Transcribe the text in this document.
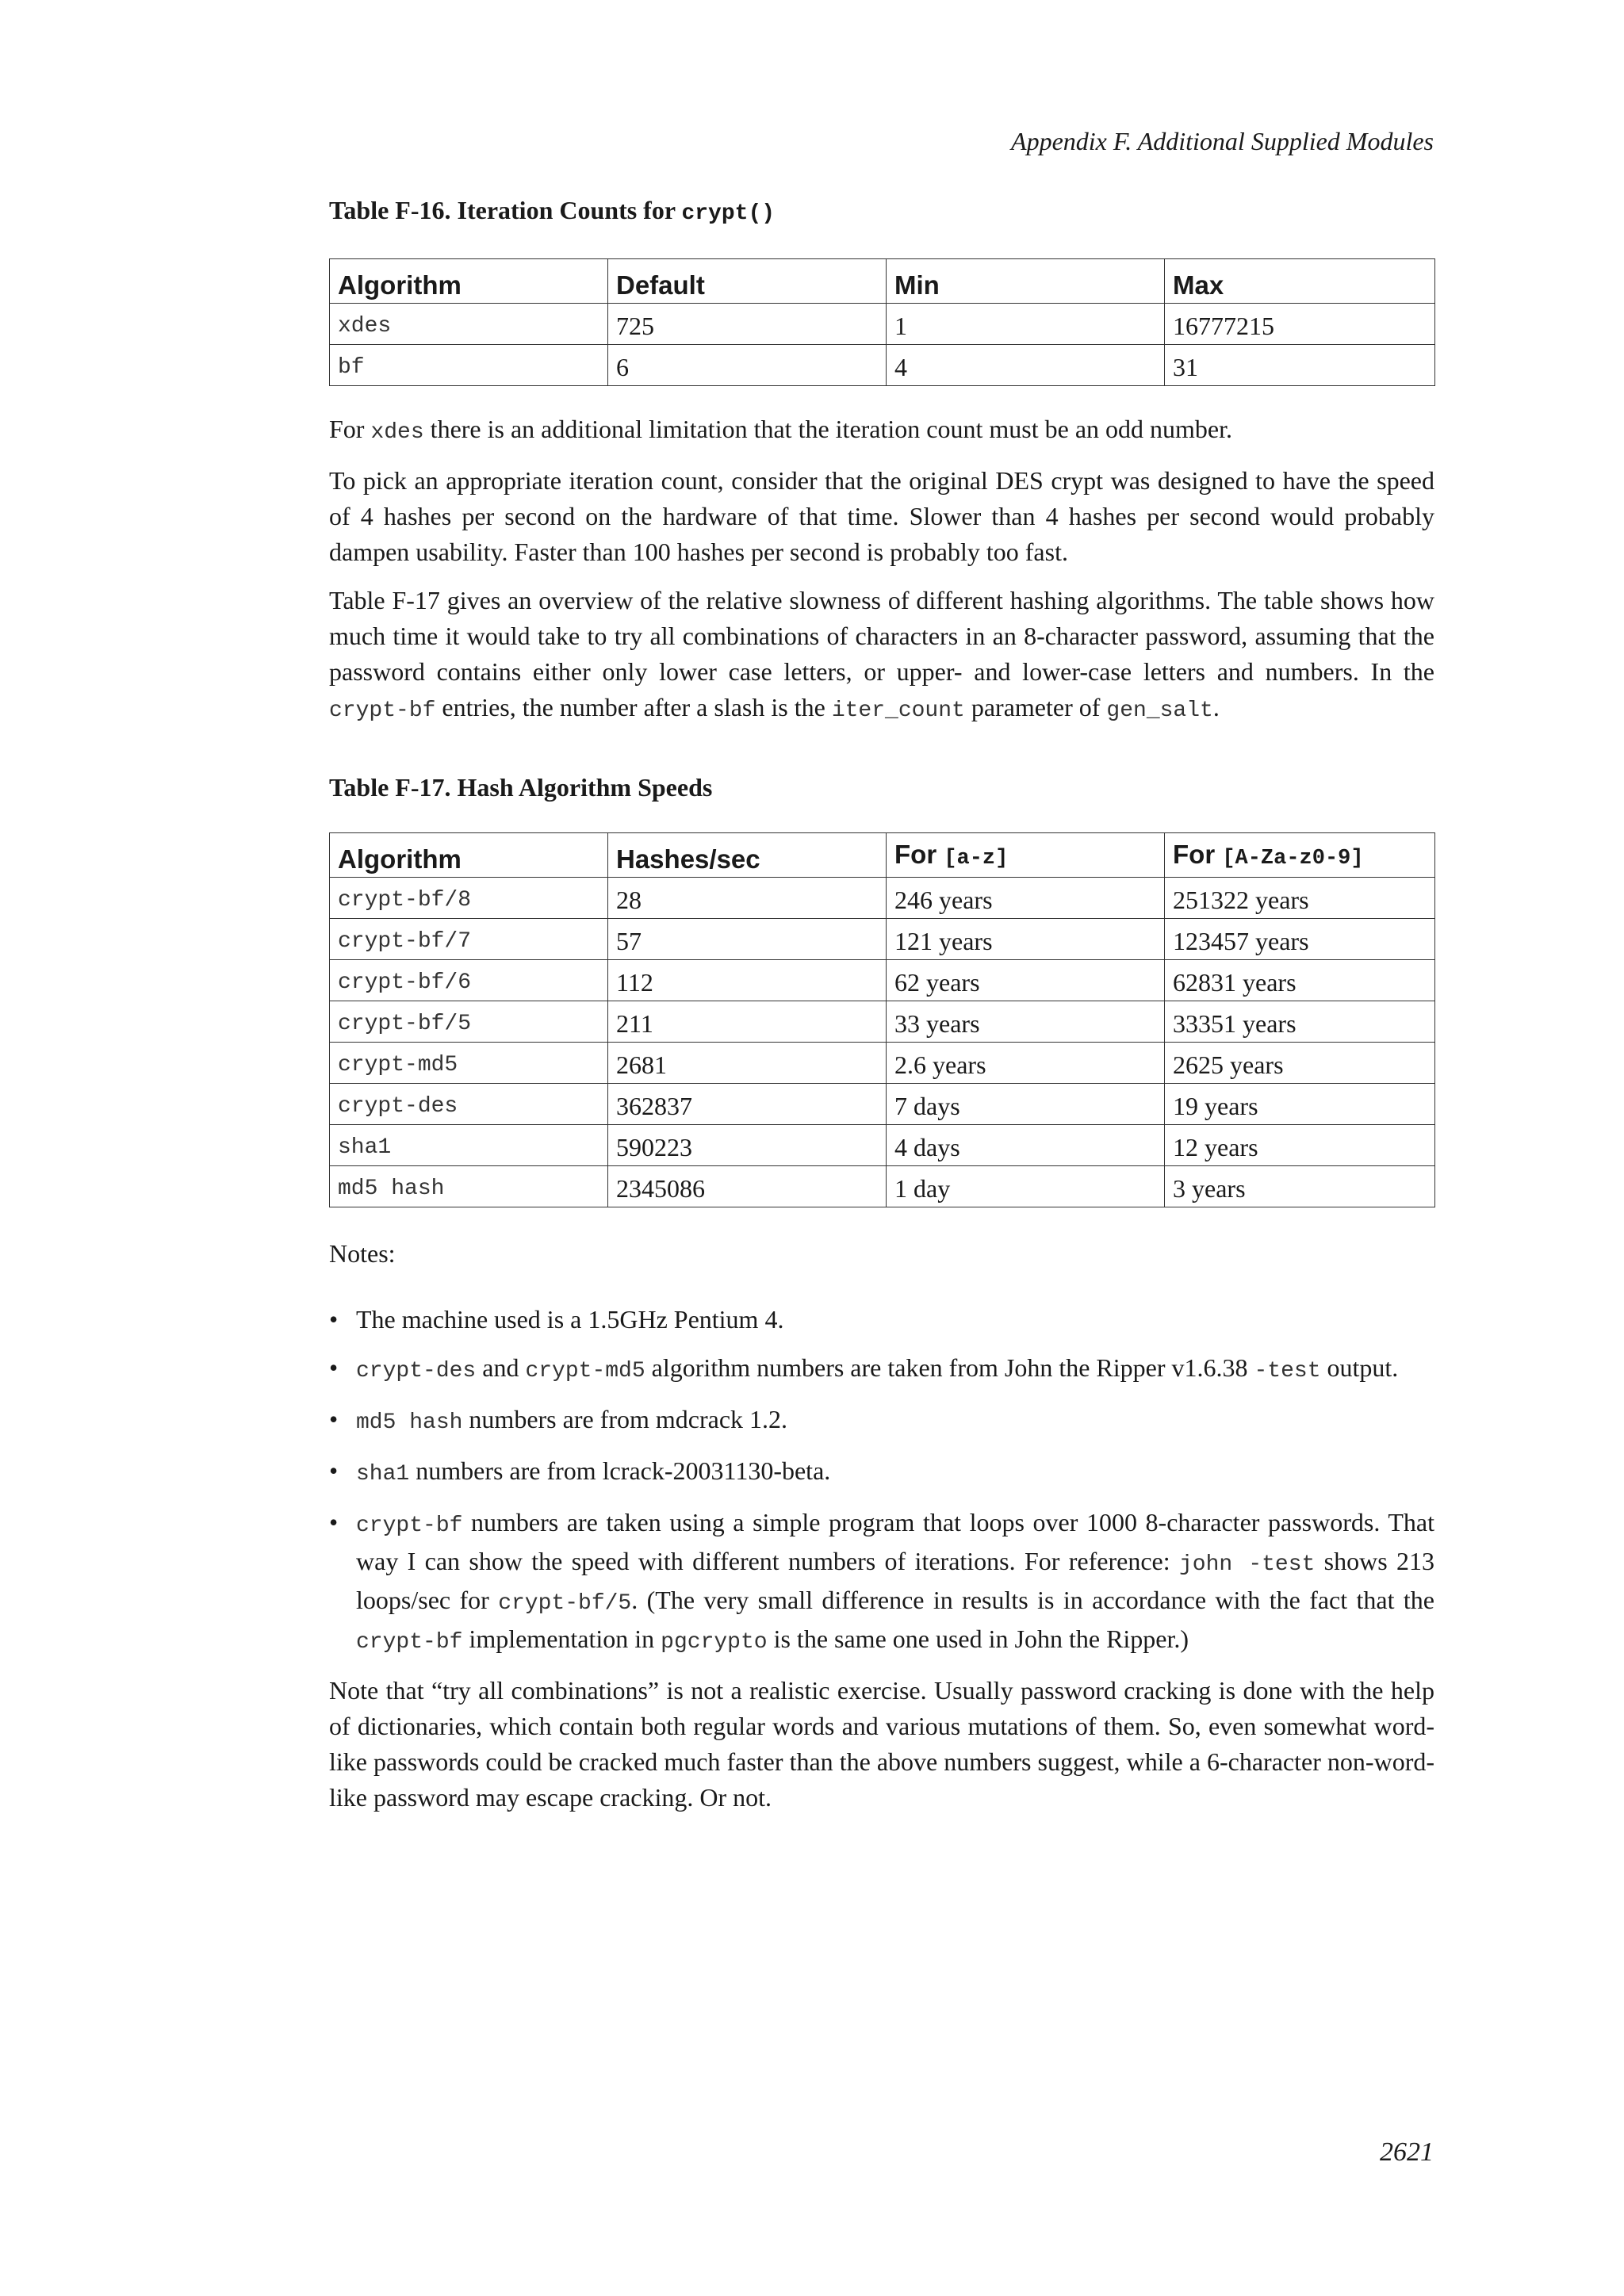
Appendix F. Additional Supplied Modules
Table F-16. Iteration Counts for crypt()
Algorithm	Default	Min	Max
xdes	725	1	16777215
bf	6	4	31

For xdes there is an additional limitation that the iteration count must be an odd number.

To pick an appropriate iteration count, consider that the original DES crypt was designed to have the speed of 4 hashes per second on the hardware of that time. Slower than 4 hashes per second would probably dampen usability. Faster than 100 hashes per second is probably too fast.

Table F-17 gives an overview of the relative slowness of different hashing algorithms. The table shows how much time it would take to try all combinations of characters in an 8-character password, assuming that the password contains either only lower case letters, or upper- and lower-case letters and numbers. In the crypt-bf entries, the number after a slash is the iter_count parameter of gen_salt.

Table F-17. Hash Algorithm Speeds
Algorithm	Hashes/sec	For [a-z]	For [A-Za-z0-9]
crypt-bf/8	28	246 years	251322 years
crypt-bf/7	57	121 years	123457 years
crypt-bf/6	112	62 years	62831 years
crypt-bf/5	211	33 years	33351 years
crypt-md5	2681	2.6 years	2625 years
crypt-des	362837	7 days	19 years
sha1	590223	4 days	12 years
md5 hash	2345086	1 day	3 years

Notes:

• The machine used is a 1.5GHz Pentium 4.
• crypt-des and crypt-md5 algorithm numbers are taken from John the Ripper v1.6.38 -test output.
• md5 hash numbers are from mdcrack 1.2.
• sha1 numbers are from lcrack-20031130-beta.
• crypt-bf numbers are taken using a simple program that loops over 1000 8-character passwords. That way I can show the speed with different numbers of iterations. For reference: john -test shows 213 loops/sec for crypt-bf/5. (The very small difference in results is in accordance with the fact that the crypt-bf implementation in pgcrypto is the same one used in John the Ripper.)

Note that “try all combinations” is not a realistic exercise. Usually password cracking is done with the help of dictionaries, which contain both regular words and various mutations of them. So, even somewhat word-like passwords could be cracked much faster than the above numbers suggest, while a 6-character non-word-like password may escape cracking. Or not.

2621
